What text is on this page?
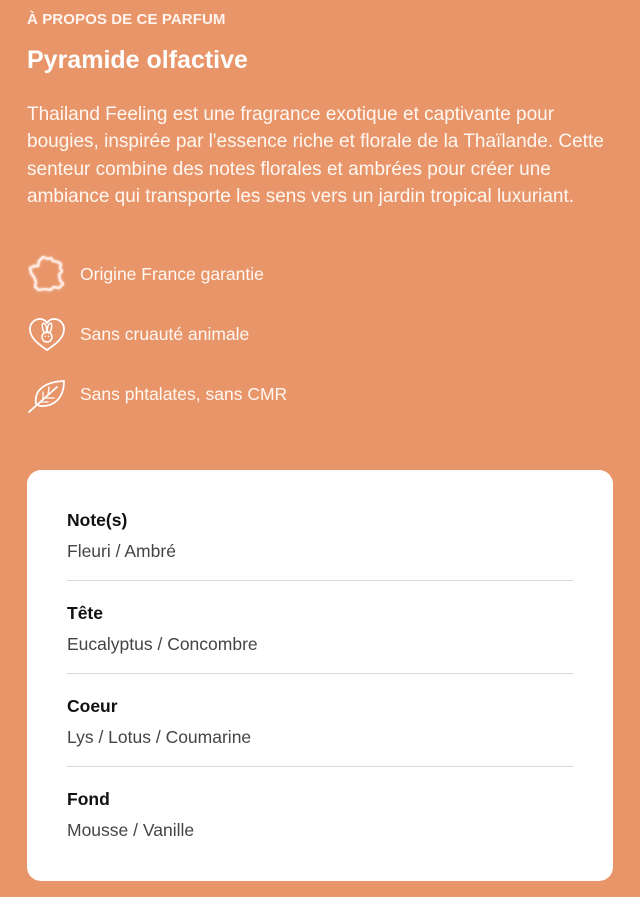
À PROPOS DE CE PARFUM
Pyramide olfactive

Thailand Feeling est une fragrance exotique et captivante pour bougies, inspirée par l'essence riche et florale de la Thaïlande. Cette senteur combine des notes florales et ambrées pour créer une ambiance qui transporte les sens vers un jardin tropical luxuriant.

Origine France garantie
Sans cruauté animale
Sans phtalates, sans CMR
Note(s)
Fleuri / Ambré
Tête
Eucalyptus / Concombre
Coeur
Lys / Lotus / Coumarine
Fond
Mousse / Vanille
